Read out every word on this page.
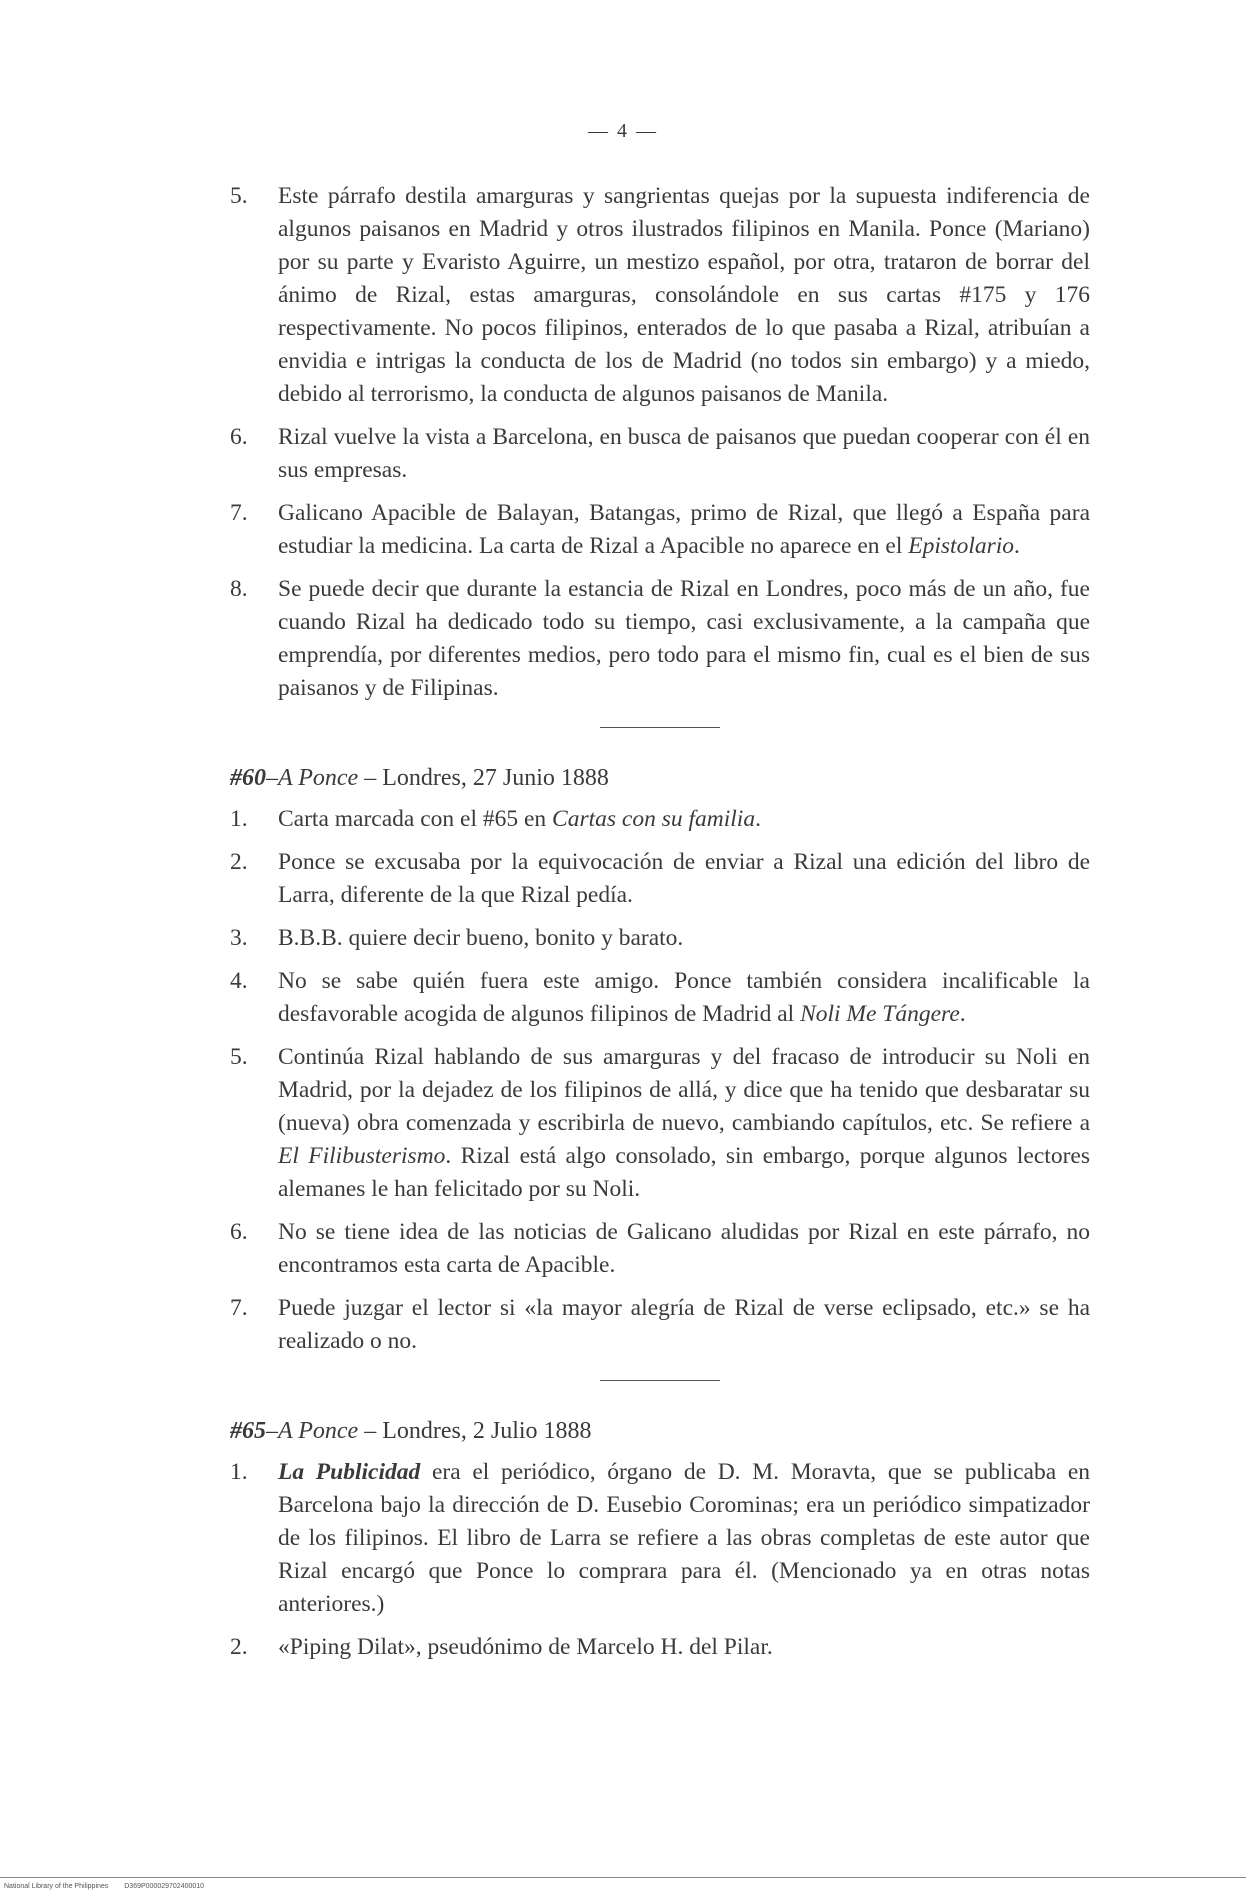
— 4 —
5.	Este párrafo destila amarguras y sangrientas quejas por la supuesta indiferencia de algunos paisanos en Madrid y otros ilustrados filipinos en Manila. Ponce (Mariano) por su parte y Evaristo Aguirre, un mestizo español, por otra, trataron de borrar del ánimo de Rizal, estas amarguras, consolándole en sus cartas #175 y 176 respectivamente. No pocos filipinos, enterados de lo que pasaba a Rizal, atribuían a envidia e intrigas la conducta de los de Madrid (no todos sin embargo) y a miedo, debido al terrorismo, la conducta de algunos paisanos de Manila.
6.	Rizal vuelve la vista a Barcelona, en busca de paisanos que puedan cooperar con él en sus empresas.
7.	Galicano Apacible de Balayan, Batangas, primo de Rizal, que llegó a España para estudiar la medicina. La carta de Rizal a Apacible no aparece en el Epistolario.
8.	Se puede decir que durante la estancia de Rizal en Londres, poco más de un año, fue cuando Rizal ha dedicado todo su tiempo, casi exclusivamente, a la campaña que emprendía, por diferentes medios, pero todo para el mismo fin, cual es el bien de sus paisanos y de Filipinas.
#60–A Ponce – Londres, 27 Junio 1888
1.	Carta marcada con el #65 en Cartas con su familia.
2.	Ponce se excusaba por la equivocación de enviar a Rizal una edición del libro de Larra, diferente de la que Rizal pedía.
3.	B.B.B. quiere decir bueno, bonito y barato.
4.	No se sabe quién fuera este amigo. Ponce también considera incalificable la desfavorable acogida de algunos filipinos de Madrid al Noli Me Tángere.
5.	Continúa Rizal hablando de sus amarguras y del fracaso de introducir su Noli en Madrid, por la dejadez de los filipinos de allá, y dice que ha tenido que desbaratar su (nueva) obra comenzada y escribirla de nuevo, cambiando capítulos, etc. Se refiere a El Filibusterismo. Rizal está algo consolado, sin embargo, porque algunos lectores alemanes le han felicitado por su Noli.
6.	No se tiene idea de las noticias de Galicano aludidas por Rizal en este párrafo, no encontramos esta carta de Apacible.
7.	Puede juzgar el lector si «la mayor alegría de Rizal de verse eclipsado, etc.» se ha realizado o no.
#65–A Ponce – Londres, 2 Julio 1888
1.	La Publicidad era el periódico, órgano de D. M. Moravta, que se publicaba en Barcelona bajo la dirección de D. Eusebio Corominas; era un periódico simpatizador de los filipinos. El libro de Larra se refiere a las obras completas de este autor que Rizal encargó que Ponce lo comprara para él. (Mencionado ya en otras notas anteriores.)
2.	«Piping Dilat», pseudónimo de Marcelo H. del Pilar.
National Library of the Philippines D369P000029702400010
